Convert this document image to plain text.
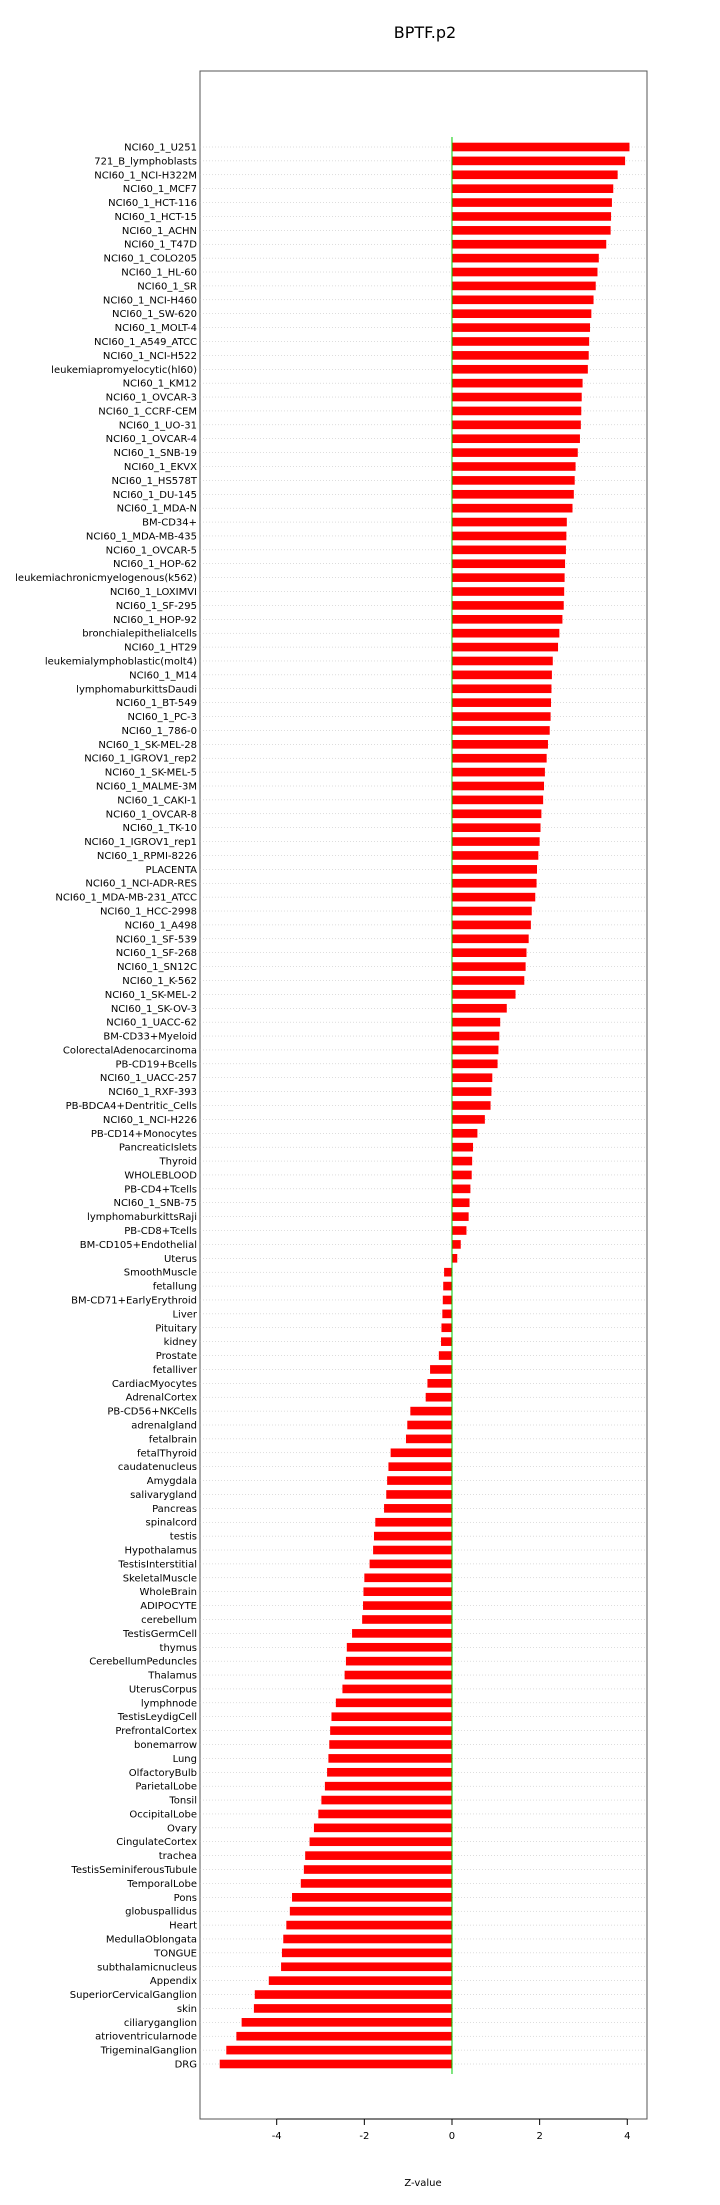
BPTF.p2
NCI60_1_U251
721_B_lymphoblasts
NCI60_1_NCI-H322M
NCI60_1_MCF7
NCI60_1_HCT-116
NCI60_1_HCT-15
NCI60_1_ACHN
NCI60_1_T47D
NCI60_1_COLO205
NCI60_1_HL-60
NCI60_1_SR
NCI60_1_NCI-H460
NCI60_1_SW-620
NCI60_1_MOLT-4
NCI60_1_A549_ATCC
NCI60_1_NCI-H522
leukemiapromyelocytic(hl60)
NCI60_1_KM12
NCI60_1_OVCAR-3
NCI60_1_CCRF-CEM
NCI60_1_UO-31
NCI60_1_OVCAR-4
NCI60_1_SNB-19
NCI60_1_EKVX
NCI60_1_HS578T
NCI60_1_DU-145
NCI60_1_MDA-N
BM-CD34+
NCI60_1_MDA-MB-435
NCI60_1_OVCAR-5
NCI60_1_HOP-62
leukemiachronicmyelogenous(k562)
NCI60_1_LOXIMVI
NCI60_1_SF-295
NCI60_1_HOP-92
bronchialepithelialcells
NCI60_1_HT29
leukemialymphoblastic(molt4)
NCI60_1_M14
lymphomaburkittsDaudi
NCI60_1_BT-549
NCI60_1_PC-3
NCI60_1_786-0
NCI60_1_SK-MEL-28
NCI60_1_IGROV1_rep2
NCI60_1_SK-MEL-5
NCI60_1_MALME-3M
NCI60_1_CAKI-1
NCI60_1_OVCAR-8
NCI60_1_TK-10
NCI60_1_IGROV1_rep1
NCI60_1_RPMI-8226
PLACENTA
NCI60_1_NCI-ADR-RES
NCI60_1_MDA-MB-231_ATCC
NCI60_1_HCC-2998
NCI60_1_A498
NCI60_1_SF-539
NCI60_1_SF-268
NCI60_1_SN12C
NCI60_1_K-562
NCI60_1_SK-MEL-2
NCI60_1_SK-OV-3
NCI60_1_UACC-62
BM-CD33+Myeloid
ColorectalAdenocarcinoma
PB-CD19+Bcells
NCI60_1_UACC-257
NCI60_1_RXF-393
PB-BDCA4+Dentritic_Cells
NCI60_1_NCI-H226
PB-CD14+Monocytes
PancreaticIslets
Thyroid
WHOLEBLOOD
PB-CD4+Tcells
NCI60_1_SNB-75
lymphomaburkittsRaji
PB-CD8+Tcells
BM-CD105+Endothelial
Uterus
SmoothMuscle
fetallung
BM-CD71+EarlyErythroid
Liver
Pituitary
kidney
Prostate
fetalliver
CardiacMyocytes
AdrenalCortex
PB-CD56+NKCells
adrenalgland
fetalbrain
fetalThyroid
caudatenucleus
Amygdala
salivarygland
Pancreas
spinalcord
testis
Hypothalamus
TestisInterstitial
SkeletalMuscle
WholeBrain
ADIPOCYTE
cerebellum
TestisGermCell
thymus
CerebellumPeduncles
Thalamus
UterusCorpus
lymphnode
TestisLeydigCell
PrefrontalCortex
bonemarrow
Lung
OlfactoryBulb
ParietalLobe
Tonsil
OccipitalLobe
Ovary
CingulateCortex
trachea
TestisSeminiferousTubule
TemporalLobe
Pons
globuspallidus
Heart
MedullaOblongata
TONGUE
subthalamicnucleus
Appendix
SuperiorCervicalGanglion
skin
ciliaryganglion
atrioventricularnode
TrigeminalGanglion
DRG
-4	-2	0	2	4
Z-value
